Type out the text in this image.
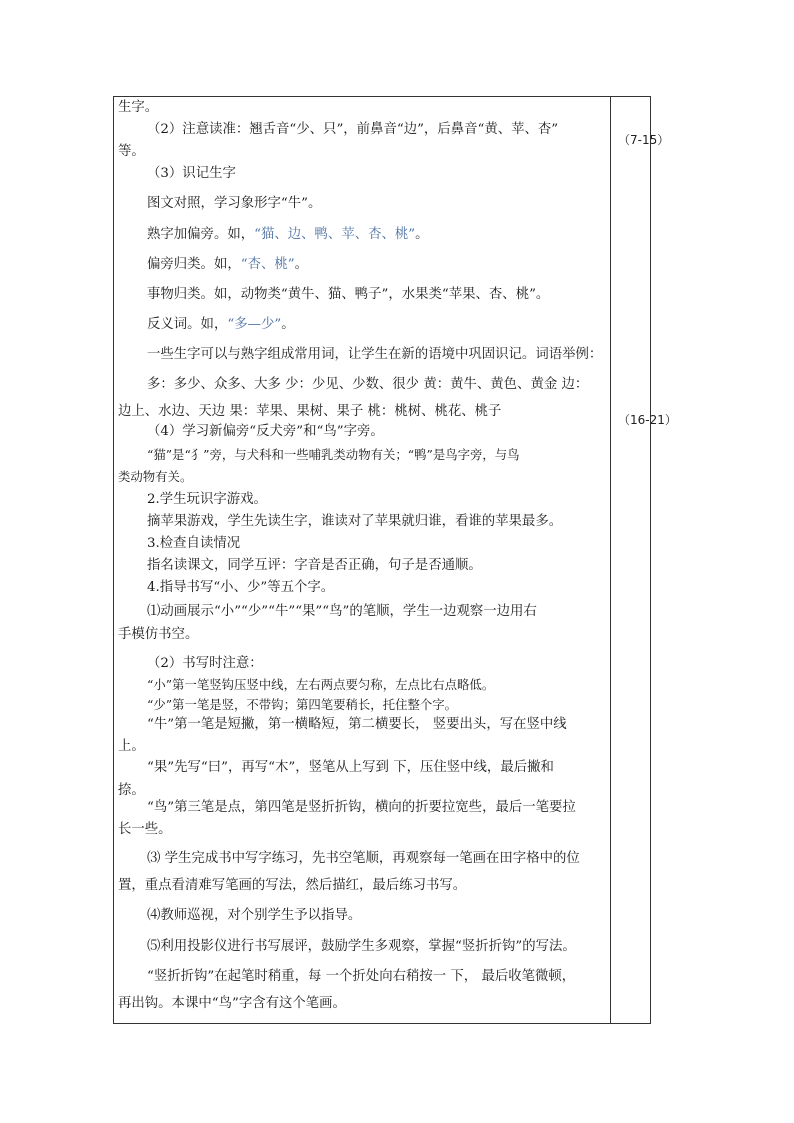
生字。
（2）注意读准：翘舌音“少、只”，前鼻音“边”，后鼻音“黄、苹、杏”
等。
（3）识记生字
图文对照，学习象形字“牛”。
熟字加偏旁。如，“猫、边、鸭、苹、杏、桃”。
偏旁归类。如，“杏、桃”。
事物归类。如，动物类“黄牛、猫、鸭子”，水果类“苹果、杏、桃”。
反义词。如，“多—少”。
一些生字可以与熟字组成常用词，让学生在新的语境中巩固识记。词语举例：
多：多少、众多、大多 少：少见、少数、很少 黄：黄牛、黄色、黄金 边：
边上、水边、天边 果：苹果、果树、果子 桃：桃树、桃花、桃子
（4）学习新偏旁“反犬旁”和“鸟”字旁。
“猫”是“犭”旁，与犬科和一些哺乳类动物有关；“鸭”是鸟字旁，与鸟
类动物有关。
2.学生玩识字游戏。
摘苹果游戏，学生先读生字，谁读对了苹果就归谁，看谁的苹果最多。
3.检查自读情况
指名读课文，同学互评：字音是否正确，句子是否通顺。
4.指导书写“小、少”等五个字。
⑴动画展示“小”“少”“牛”“果”“鸟”的笔顺，学生一边观察一边用右
手模仿书空。
（2）书写时注意：
“小”第一笔竖钩压竖中线，左右两点要匀称，左点比右点略低。
“少”第一笔是竖，不带钩；第四笔要稍长，托住整个字。
“牛”第一笔是短撇，第一横略短，第二横要长， 竖要出头，写在竖中线
上。
“果”先写“曰”，再写“木”，竖笔从上写到 下，压住竖中线，最后撇和
捺。
“鸟”第三笔是点，第四笔是竖折折钩，横向的折要拉宽些，最后一笔要拉
长一些。
⑶ 学生完成书中写字练习，先书空笔顺，再观察每一笔画在田字格中的位
置，重点看清难写笔画的写法，然后描红，最后练习书写。
⑷教师巡视，对个别学生予以指导。
⑸利用投影仪进行书写展评，鼓励学生多观察，掌握“竖折折钩”的写法。
“竖折折钩”在起笔时稍重，每 一个折处向右稍按一 下， 最后收笔微顿，
再出钩。本课中“鸟”字含有这个笔画。
（7-15）
（16-21）
